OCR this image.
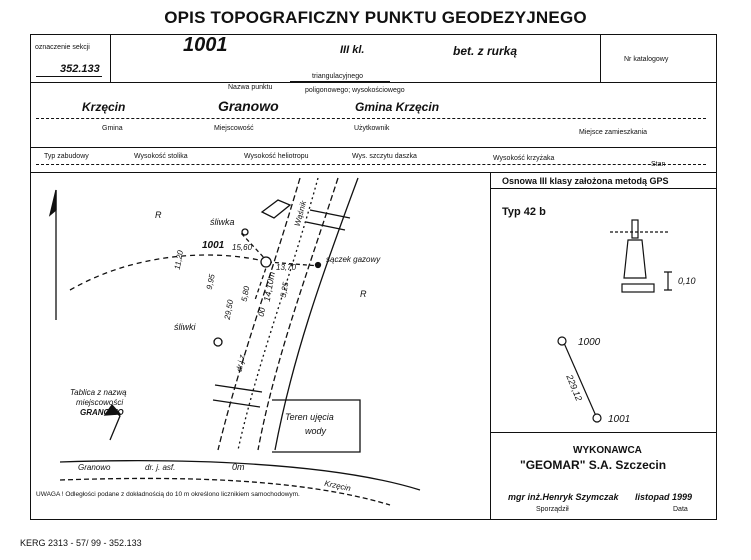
OPIS TOPOGRAFICZNY PUNKTU GEODEZYJNEGO
oznaczenie sekcji
352.133
1001	III kl.	bet. z rurką
Nr katalogowy
triangulacyjnego
Nazwa punktu	poligonowego; wysokościowego
Krzęcin
Gmina
Granowo
Miejscowość
Gmina Krzęcin
Użytkownik
Miejsce zamieszkania
Typ zabudowy	Wysokość stolika	Wysokość heliotropu	Wys. szczytu daszka	Wysokość krzyżaka
Stan
R
R
śliwka
1001 15,60
11,20	13,70
sączek gazowy
9,95
29,50
5,80 14,10m 5,25
Wąśnik
śliwki
00
dr.j.z.
Tablica z nazwą
miejscowości
GRANOWO	Teren ujęcia
wody
Granowo	dr. j. asf.	0m
Krzęcin
UWAGA ! Odległości podane z dokładnością do 10 m określono licznikiem samochodowym.
Osnowa III klasy założona metodą GPS
Typ 42 b
0,10
1000
229,12
1001
WYKONAWCA
"GEOMAR" S.A. Szczecin
mgr inż.Henryk Szymczak
Sporządził
listopad 1999
Data
KERG 2313 - 57/ 99 - 352.133
